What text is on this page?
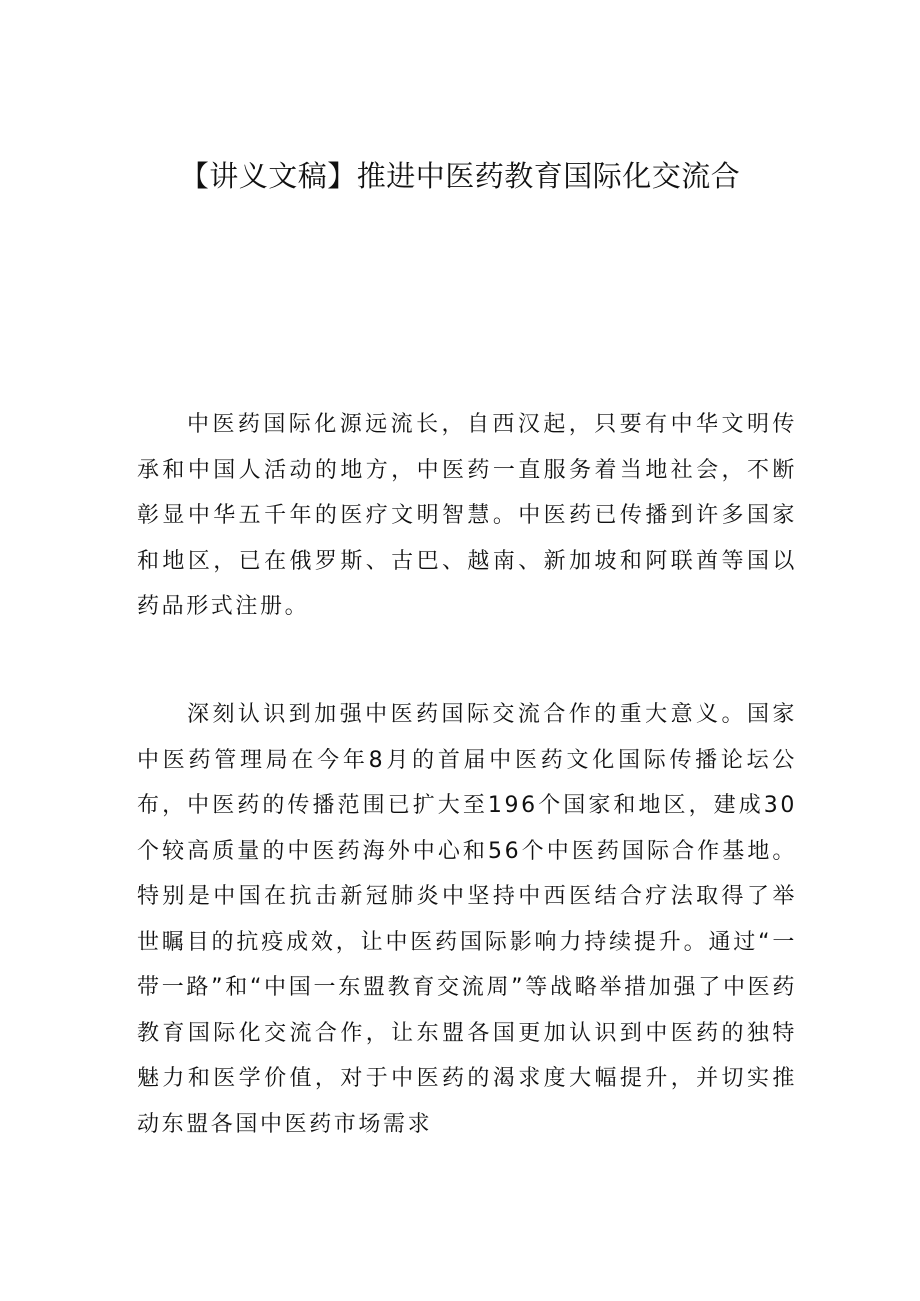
【讲义文稿】推进中医药教育国际化交流合

中医药国际化源远流长，自西汉起，只要有中华文明传承和中国人活动的地方，中医药一直服务着当地社会，不断彰显中华五千年的医疗文明智慧。中医药已传播到许多国家和地区，已在俄罗斯、古巴、越南、新加坡和阿联酋等国以药品形式注册。

深刻认识到加强中医药国际交流合作的重大意义。国家中医药管理局在今年8月的首届中医药文化国际传播论坛公布，中医药的传播范围已扩大至196个国家和地区，建成30个较高质量的中医药海外中心和56个中医药国际合作基地。特别是中国在抗击新冠肺炎中坚持中西医结合疗法取得了举世瞩目的抗疫成效，让中医药国际影响力持续提升。通过“一带一路”和“中国一东盟教育交流周”等战略举措加强了中医药教育国际化交流合作，让东盟各国更加认识到中医药的独特魅力和医学价值，对于中医药的渴求度大幅提升，并切实推动东盟各国中医药市场需求
